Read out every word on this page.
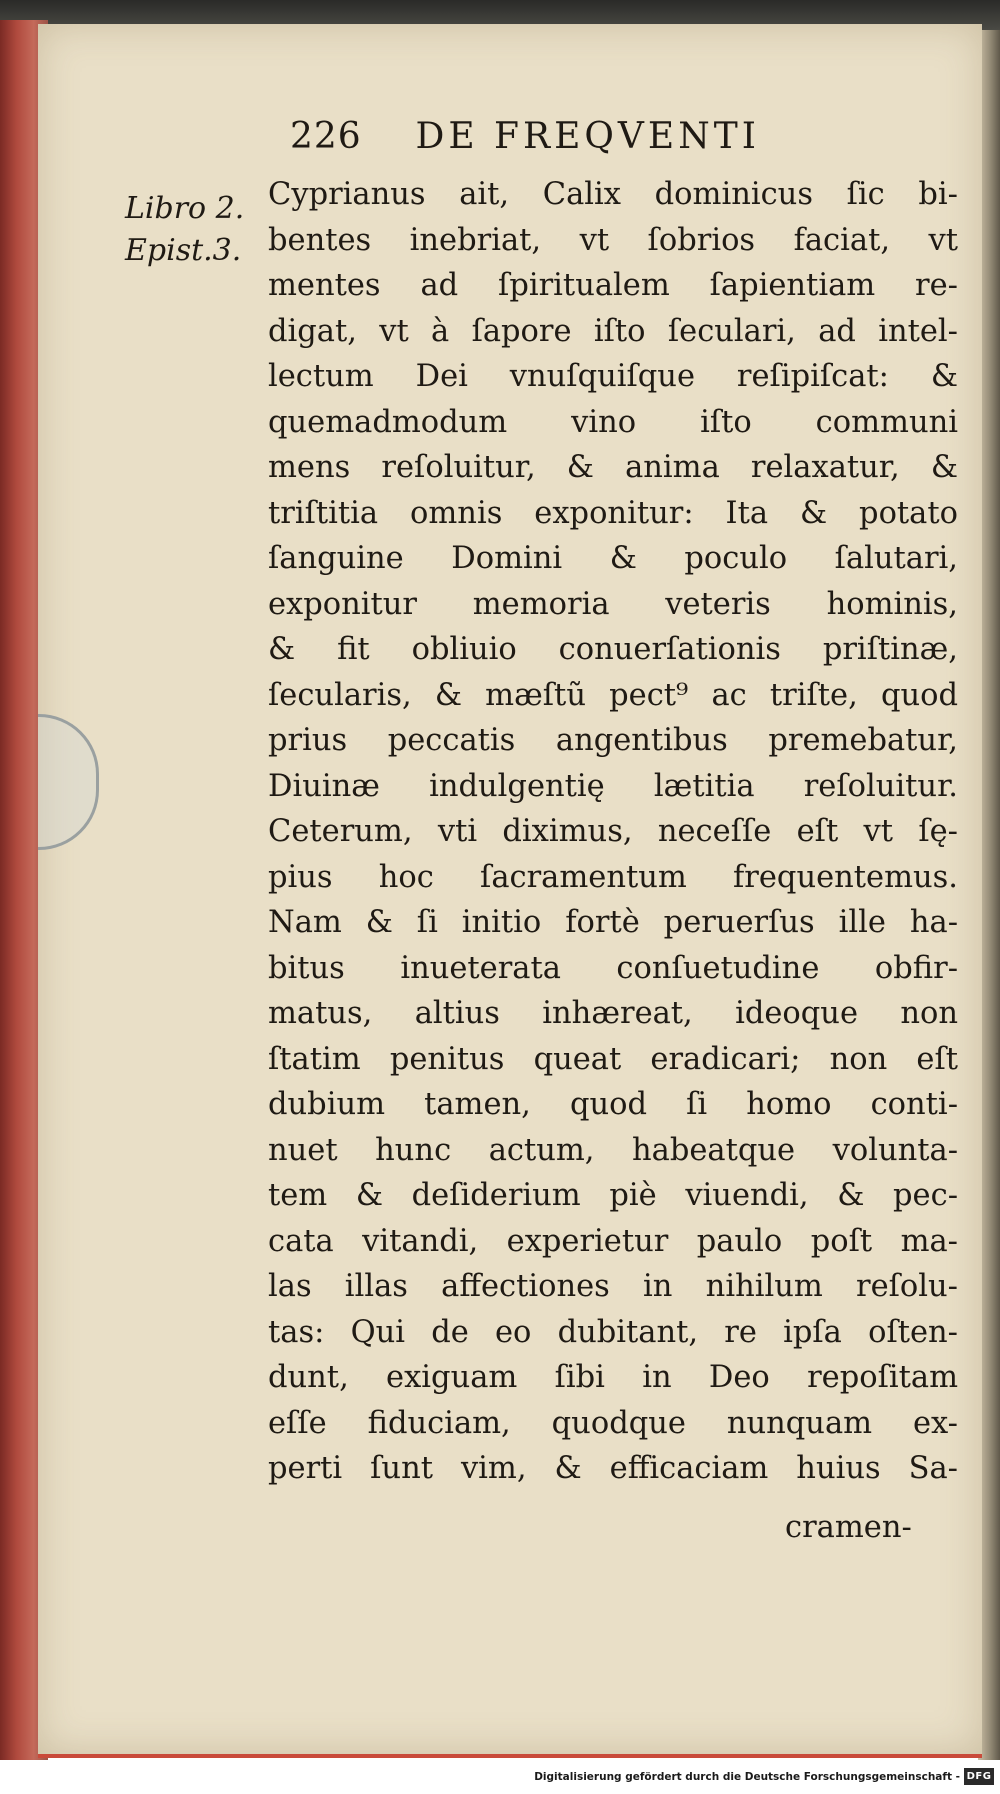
226 DE FREQVENTI
Libro 2.
Epist.3.
Cyprianus ait, Calix dominicus ſic bi-
bentes inebriat, vt ſobrios faciat, vt
mentes ad ſpiritualem ſapientiam re-
digat, vt à ſapore iſto ſeculari, ad intel-
lectum Dei vnuſquiſque reſipiſcat: &
quemadmodum vino iſto communi
mens reſoluitur, & anima relaxatur, &
triſtitia omnis exponitur: Ita & potato
ſanguine Domini & poculo ſalutari,
exponitur memoria veteris hominis,
& fit obliuio conuerſationis priſtinæ,
ſecularis, & mæſtũ pect⁹ ac triſte, quod
prius peccatis angentibus premebatur,
Diuinæ indulgentię lætitia reſoluitur.
Ceterum, vti diximus, neceſſe eſt vt ſę-
pius hoc ſacramentum frequentemus.
Nam & ſi initio fortè peruerſus ille ha-
bitus inueterata conſuetudine obfir-
matus, altius inhæreat, ideoque non
ſtatim penitus queat eradicari; non eſt
dubium tamen, quod ſi homo conti-
nuet hunc actum, habeatque volunta-
tem & deſiderium piè viuendi, & pec-
cata vitandi, experietur paulo poſt ma-
las illas affectiones in nihilum reſolu-
tas: Qui de eo dubitant, re ipſa oſten-
dunt, exiguam ſibi in Deo repoſitam
eſſe fiduciam, quodque nunquam ex-
perti ſunt vim, & efficaciam huius Sa-
cramen-
Digitalisierung gefördert durch die Deutsche Forschungsgemeinschaft - DFG
